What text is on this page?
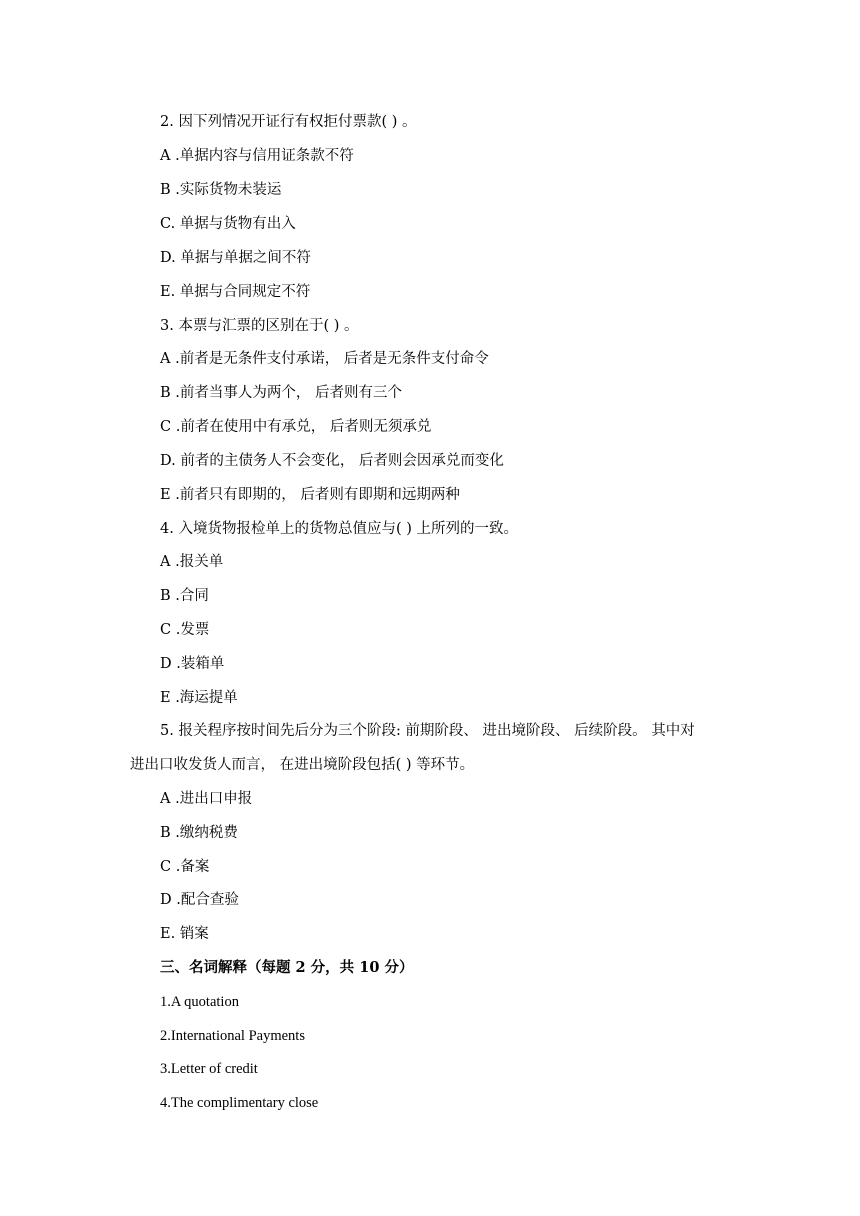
2. 因下列情况开证行有权拒付票款( ) 。
A .单据内容与信用证条款不符
B .实际货物未装运
C. 单据与货物有出入
D. 单据与单据之间不符
E. 单据与合同规定不符
3. 本票与汇票的区别在于( ) 。
A .前者是无条件支付承诺， 后者是无条件支付命令
B .前者当事人为两个， 后者则有三个
C .前者在使用中有承兑， 后者则无须承兑
D. 前者的主债务人不会变化， 后者则会因承兑而变化
E .前者只有即期的， 后者则有即期和远期两种
4. 入境货物报检单上的货物总值应与( ) 上所列的一致。
A .报关单
B .合同
C .发票
D .装箱单
E .海运提单
5. 报关程序按时间先后分为三个阶段: 前期阶段、 进出境阶段、 后续阶段。 其中对
进出口收发货人而言， 在进出境阶段包括( ) 等环节。
A .进出口申报
B .缴纳税费
C .备案
D .配合查验
E. 销案
三、名词解释（每题 2 分，共 10 分）
1.A quotation
2.International Payments
3.Letter of credit
4.The complimentary close
